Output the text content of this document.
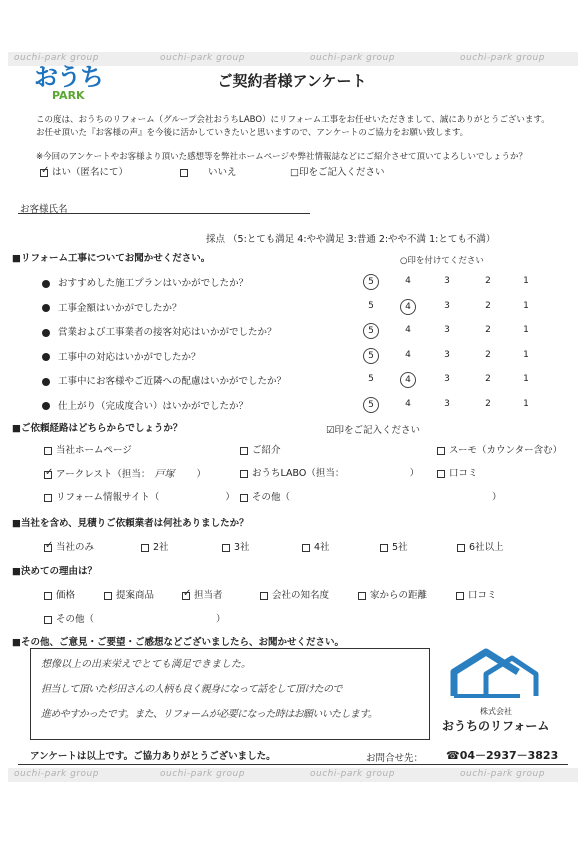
ouchi-park group	ouchi-park group	ouchi-park group	ouchi-park group
おうち
PARK
ご契約者様アンケート
この度は、おうちのリフォーム（グループ会社おうちLABO）にリフォーム工事をお任せいただきまして、誠にありがとうございます。
お任せ頂いた『お客様の声』を今後に活かしていきたいと思いますので、アンケートのご協力をお願い致します。
※今回のアンケートやお客様より頂いた感想等を弊社ホームページや弊社情報誌などにご紹介させて頂いてよろしいでしょうか？
✓はい（匿名にて）	いいえ	□印をご記入ください
お客様氏名
採点 （5:とても満足 4:やや満足 3:普通 2:やや不満 1:とても不満）
■リフォーム工事についてお聞かせください。	○印を付けてください
おすすめした施工プランはいかがでしたか？	5	4	3	2	1
工事金額はいかがでしたか？	5	4	3	2	1
営業および工事業者の接客対応はいかがでしたか？	5	4	3	2	1
工事中の対応はいかがでしたか？	5	4	3	2	1
工事中にお客様やご近隣への配慮はいかがでしたか？	5	4	3	2	1
仕上がり（完成度合い）はいかがでしたか？	5	4	3	2	1
■ご依頼経路はどちらからでしょうか？	☑印をご記入ください
当社ホームページ	ご紹介	スーモ（カウンター含む）
✓アークレスト（担当： 戸塚 ）	おうちLABO（担当：	）	口コミ
リフォーム情報サイト（	）	その他（	）
■当社を含め、見積りご依頼業者は何社ありましたか？
✓当社のみ	2社	3社	4社	5社	6社以上
■決めての理由は？
価格	提案商品
✓	担当者	会社の知名度	家からの距離	口コミ
その他（	）
■その他、ご意見・ご要望・ご感想などございましたら、お聞かせください。
想像以上の出来栄えでとても満足できました。
担当して頂いた杉田さんの人柄も良く親身になって話をして頂けたので
進めやすかったです。また、リフォームが必要になった時はお願いいたします。	株式会社
おうちのリフォーム
アンケートは以上です。ご協力ありがとうございました。	お問合せ先： ☎04－2937－3823
ouchi-park group	ouchi-park group	ouchi-park group	ouchi-park group
